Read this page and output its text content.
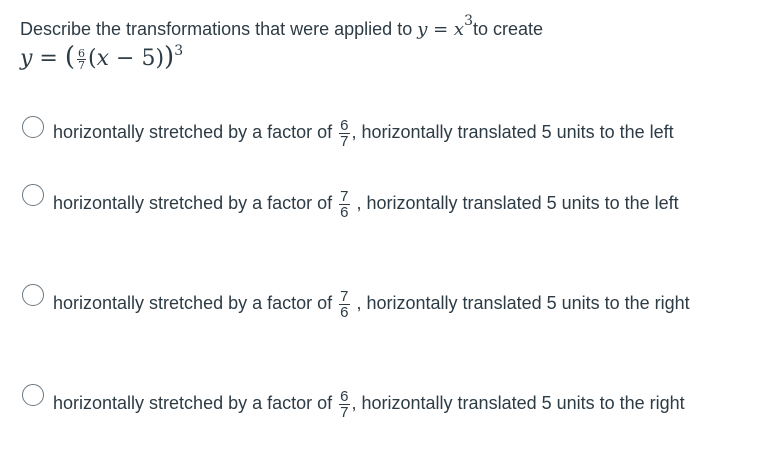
Describe the transformations that were applied to $y = x^3to$ create
y = ( $\frac{6}{7} (x - 5))^3$
horizontally stretched by a factor of $\frac{6}{7}$ , horizontally translated 5 units to the left
horizontally stretched by a factor of $\frac{7}{6}$ , horizontally translated 5 units to the left
horizontally stretched by a factor of $\frac{7}{6}$ , horizontally translated 5 units to the right
horizontally stretched by a factor of $\frac{6}{7}$ , horizontally translated 5 units to the right
